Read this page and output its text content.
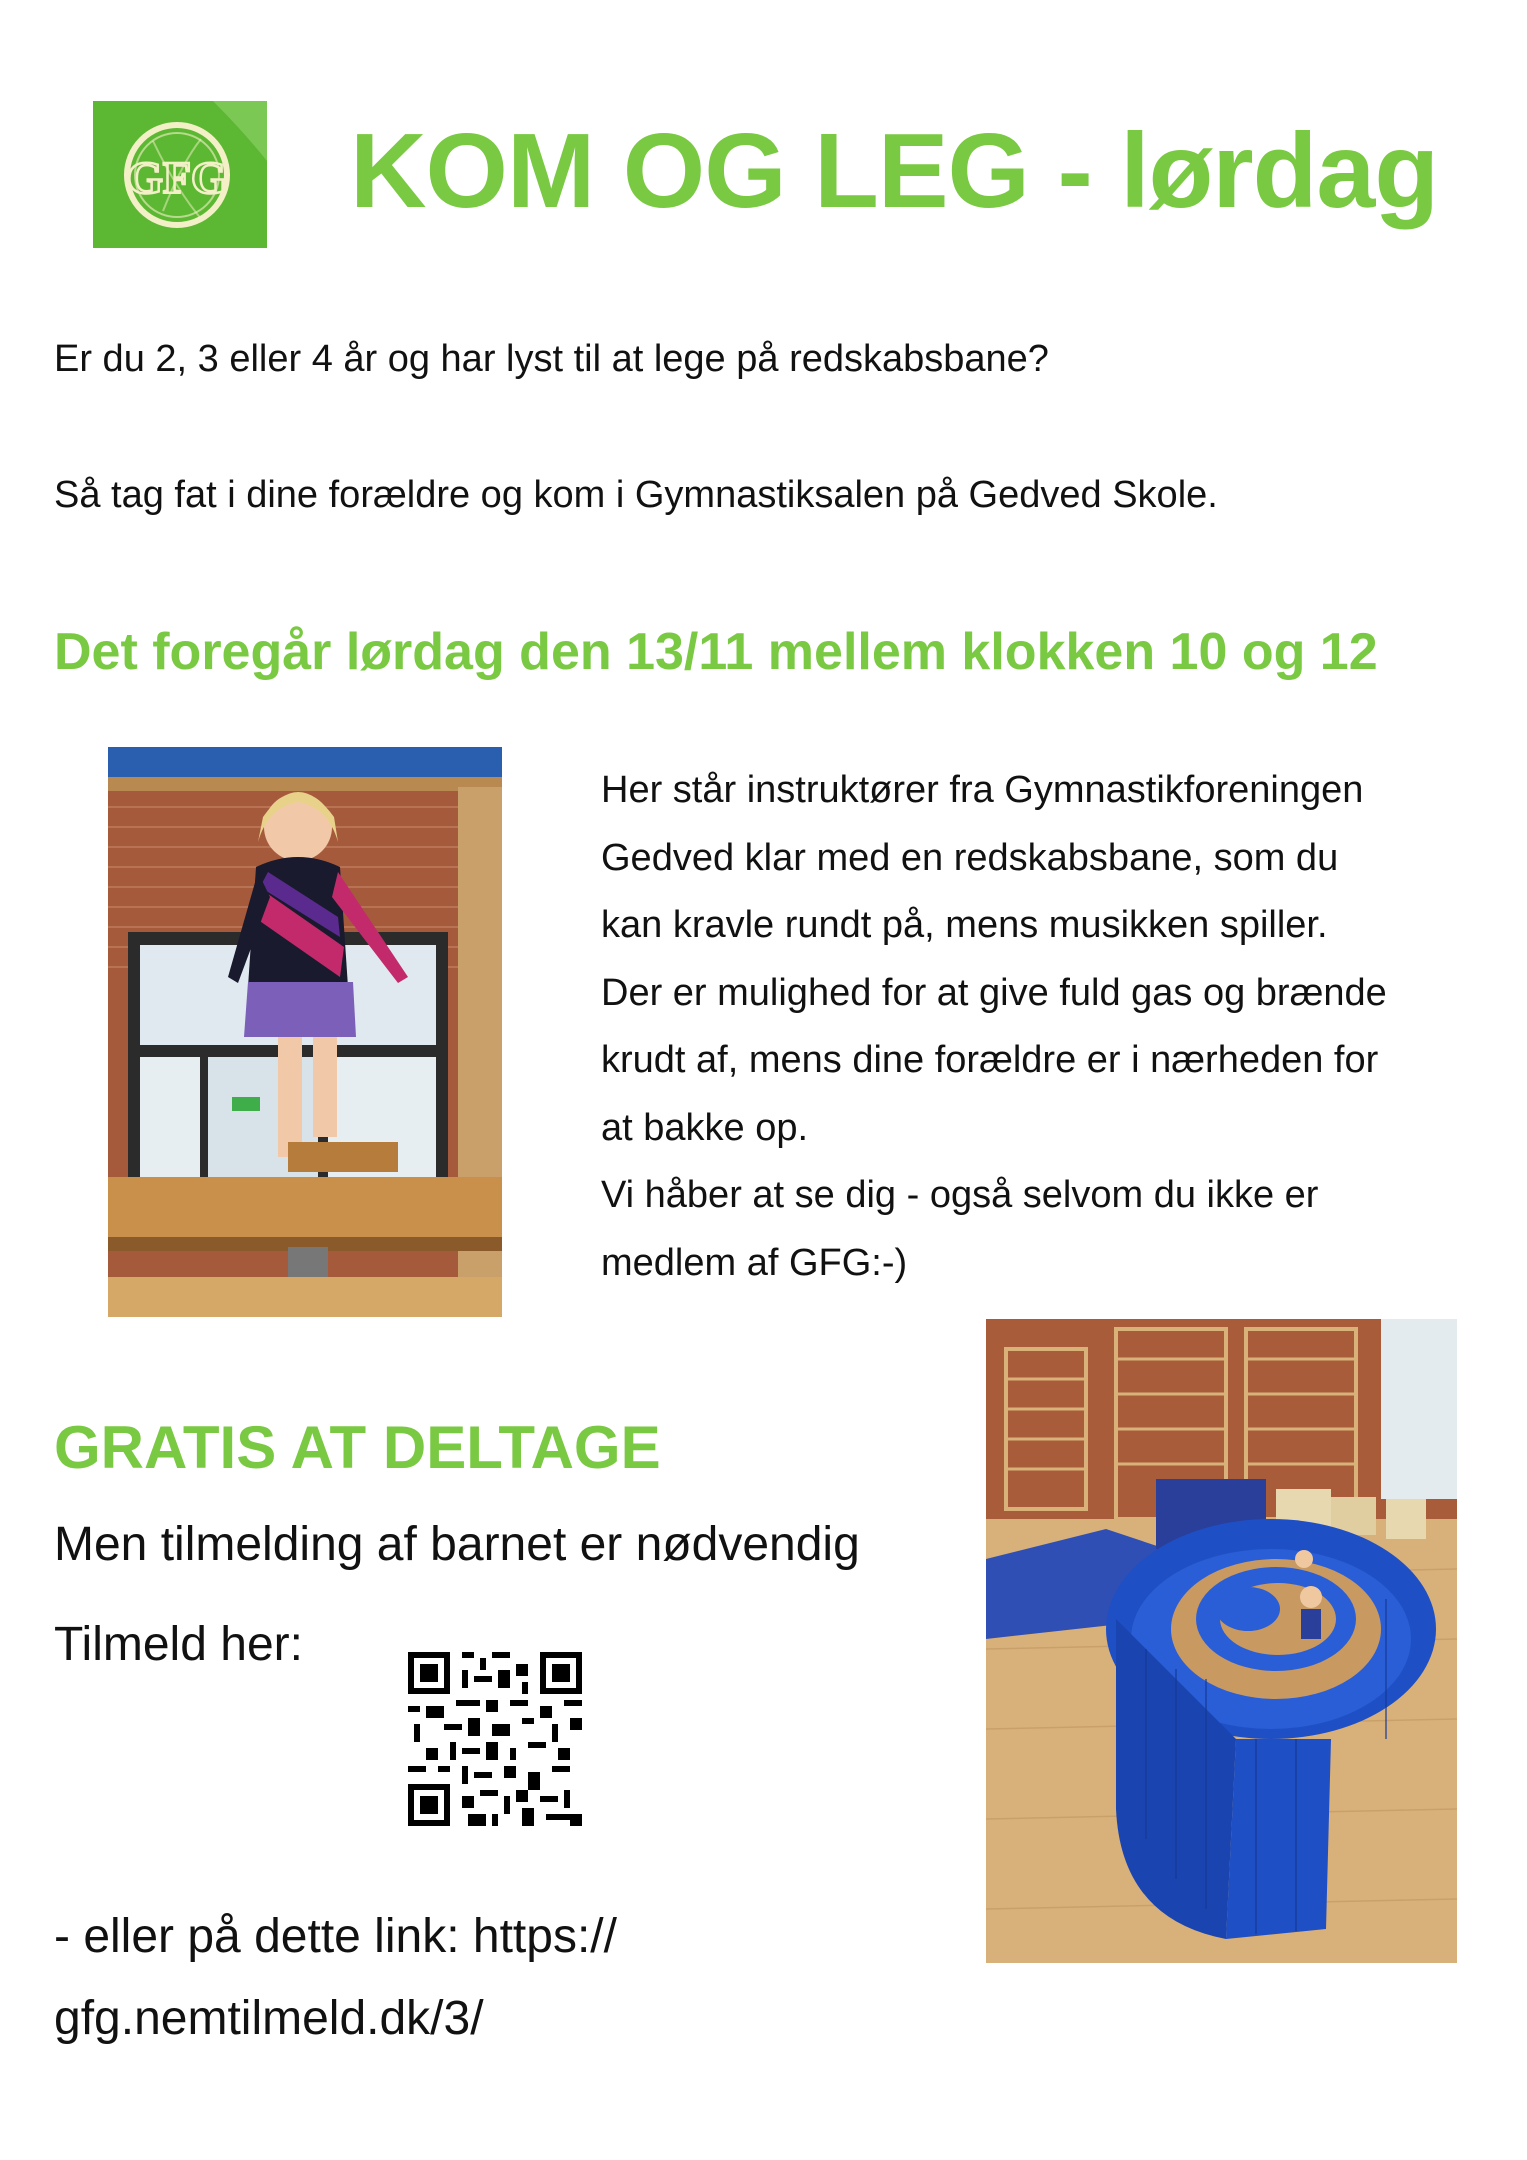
GFG KOM OG LEG - lørdag
Er du 2, 3 eller 4 år og har lyst til at lege på redskabsbane?
Så tag fat i dine forældre og kom i Gymnastiksalen på Gedved Skole.
Det foregår lørdag den 13/11 mellem klokken 10 og 12
Her står instruktører fra Gymnastikforeningen
Gedved klar med en redskabsbane, som du
kan kravle rundt på, mens musikken spiller.
Der er mulighed for at give fuld gas og brænde
krudt af, mens dine forældre er i nærheden for
at bakke op.
Vi håber at se dig - også selvom du ikke er
medlem af GFG:-)
GRATIS AT DELTAGE
Men tilmelding af barnet er nødvendig
Tilmeld her:
- eller på dette link: https://
gfg.nemtilmeld.dk/3/
